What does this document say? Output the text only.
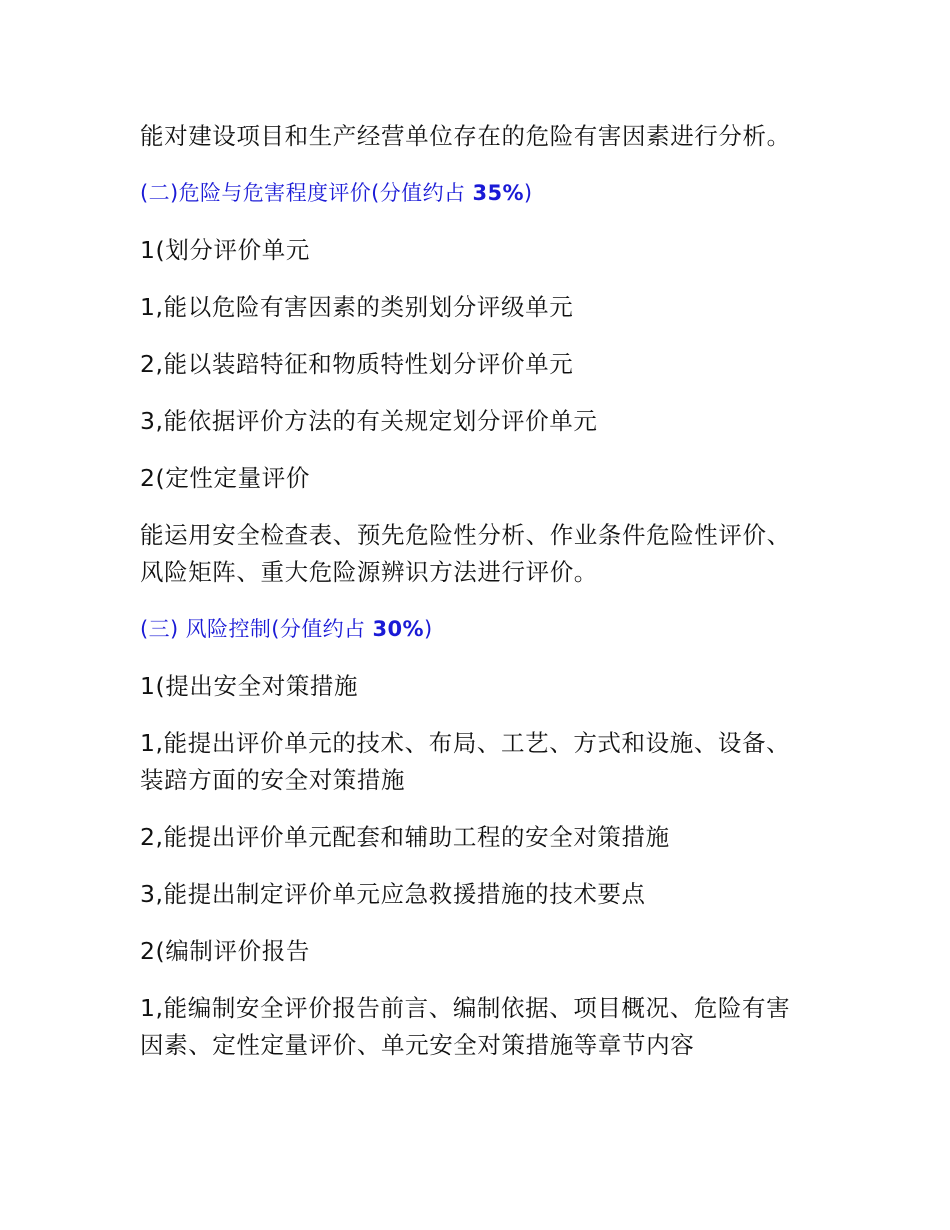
能对建设项目和生产经营单位存在的危险有害因素进行分析。

(二)危险与危害程度评价(分值约占 35%)

1(划分评价单元

1,能以危险有害因素的类别划分评级单元

2,能以装踣特征和物质特性划分评价单元

3,能依据评价方法的有关规定划分评价单元

2(定性定量评价

能运用安全检查表、预先危险性分析、作业条件危险性评价、风险矩阵、重大危险源辨识方法进行评价。

(三) 风险控制(分值约占 30%)

1(提出安全对策措施

1,能提出评价单元的技术、布局、工艺、方式和设施、设备、装踣方面的安全对策措施

2,能提出评价单元配套和辅助工程的安全对策措施

3,能提出制定评价单元应急救援措施的技术要点

2(编制评价报告

1,能编制安全评价报告前言、编制依据、项目概况、危险有害因素、定性定量评价、单元安全对策措施等章节内容
